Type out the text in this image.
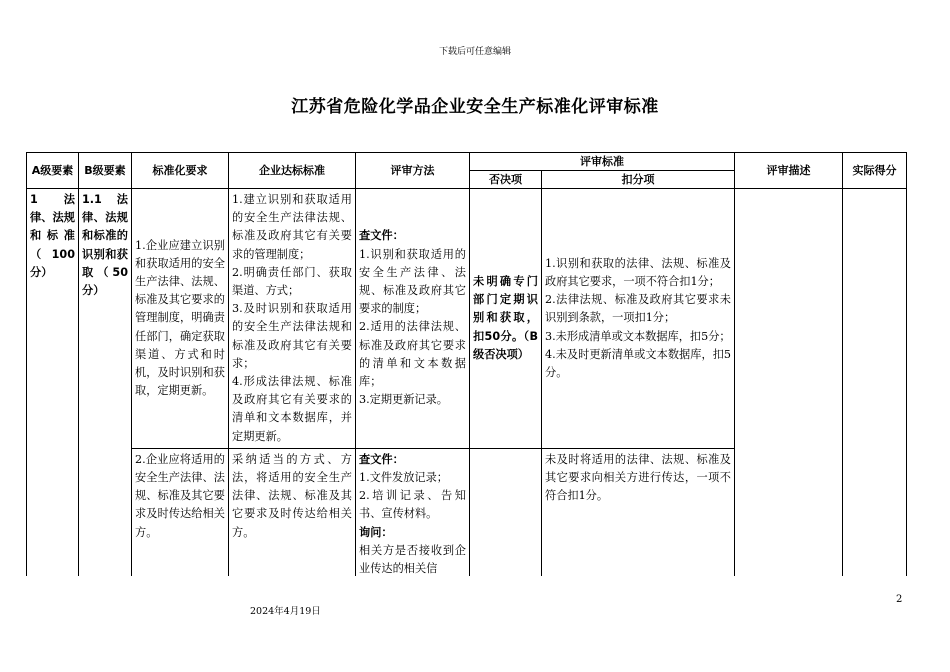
下载后可任意编辑
江苏省危险化学品企业安全生产标准化评审标准
A级要素	B级要素	标准化要求	企业达标标准	评审方法	评审标准		评审描述	实际得分
					否决项	扣分项		
1　法律、法规和标准（100分）	1.1　法律、法规和标准的识别和获取（50分）	1.企业应建立识别和获取适用的安全生产法律、法规、标准及其它要求的管理制度，明确责任部门，确定获取渠道、方式和时机，及时识别和获取，定期更新。	1.建立识别和获取适用的安全生产法律法规、标准及政府其它有关要求的管理制度；
2.明确责任部门、获取渠道、方式；
3.及时识别和获取适用的安全生产法律法规和标准及政府其它有关要求；
4.形成法律法规、标准及政府其它有关要求的清单和文本数据库，并定期更新。	查文件：
1.识别和获取适用的安全生产法律、法规、标准及政府其它要求的制度；
2.适用的法律法规、标准及政府其它要求的清单和文本数据库；
3.定期更新记录。	未明确专门部门定期识别和获取，扣50分。（B级否决项）	1.识别和获取的法律、法规、标准及政府其它要求，一项不符合扣1分；
2.法律法规、标准及政府其它要求未识别到条款，一项扣1分；
3.未形成清单或文本数据库，扣5分；
4.未及时更新清单或文本数据库，扣5分。		

		2.企业应将适用的安全生产法律、法规、标准及其它要求及时传达给相关方。	采纳适当的方式、方法，将适用的安全生产法律、法规、标准及其它要求及时传达给相关方。	查文件：
1.文件发放记录；
2.培训记录、告知书、宣传材料。
询问：
相关方是否接收到企业传达的相关信		未及时将适用的法律、法规、标准及其它要求向相关方进行传达，一项不符合扣1分。		
2
2024年4月19日
